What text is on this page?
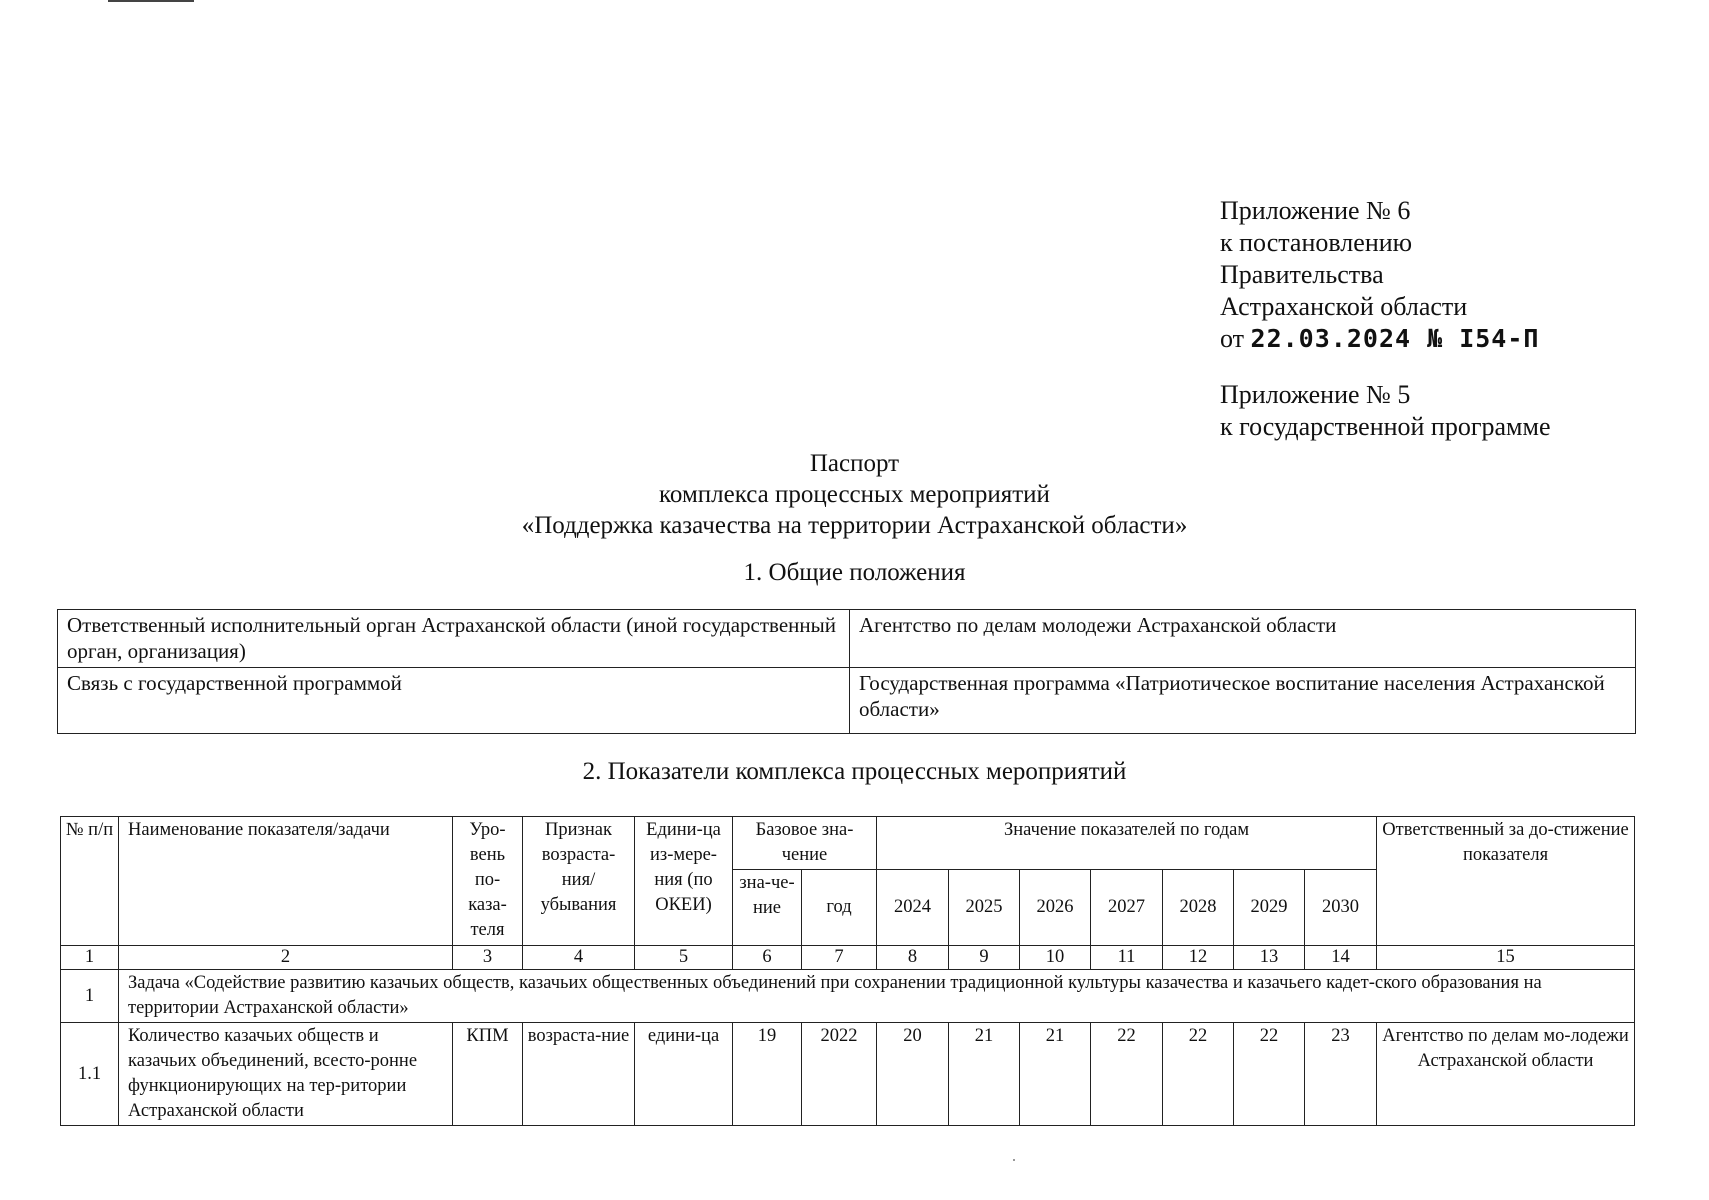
Приложение № 6
к постановлению
Правительства
Астраханской области
от 22.03.2024 № I54-П
Приложение № 5
к государственной программе
Паспорт
комплекса процессных мероприятий
«Поддержка казачества на территории Астраханской области»
1. Общие положения
Ответственный исполнительный орган Астраханской области (иной государственный орган, организация)	Агентство по делам молодежи Астраханской области
Связь с государственной программой	Государственная программа «Патриотическое воспитание населения Астраханской области»
2. Показатели комплекса процессных мероприятий
№ п/п	Наименование показателя/задачи	Уро-вень по-каза-теля	Признак возраста-ния/ убывания	Едини-ца из-мере-ния (по ОКЕИ)	Базовое зна-чение		Значение показателей по годам							Ответственный за до-стижение показателя
					зна-че-ние	год	2024	2025	2026	2027	2028	2029	2030	
1	2	3	4	5	6	7	8	9	10	11	12	13	14	15
1	Задача «Содействие развитию казачьих обществ, казачьих общественных объединений при сохранении традиционной культуры казачества и казачьего кадет-ского образования на территории Астраханской области»													
1.1	Количество казачьих обществ и казачьих объединений, всесто-ронне функционирующих на тер-ритории Астраханской области	КПМ	возраста-ние	едини-ца	19	2022	20	21	21	22	22	22	23	Агентство по делам мо-лодежи Астраханской области
